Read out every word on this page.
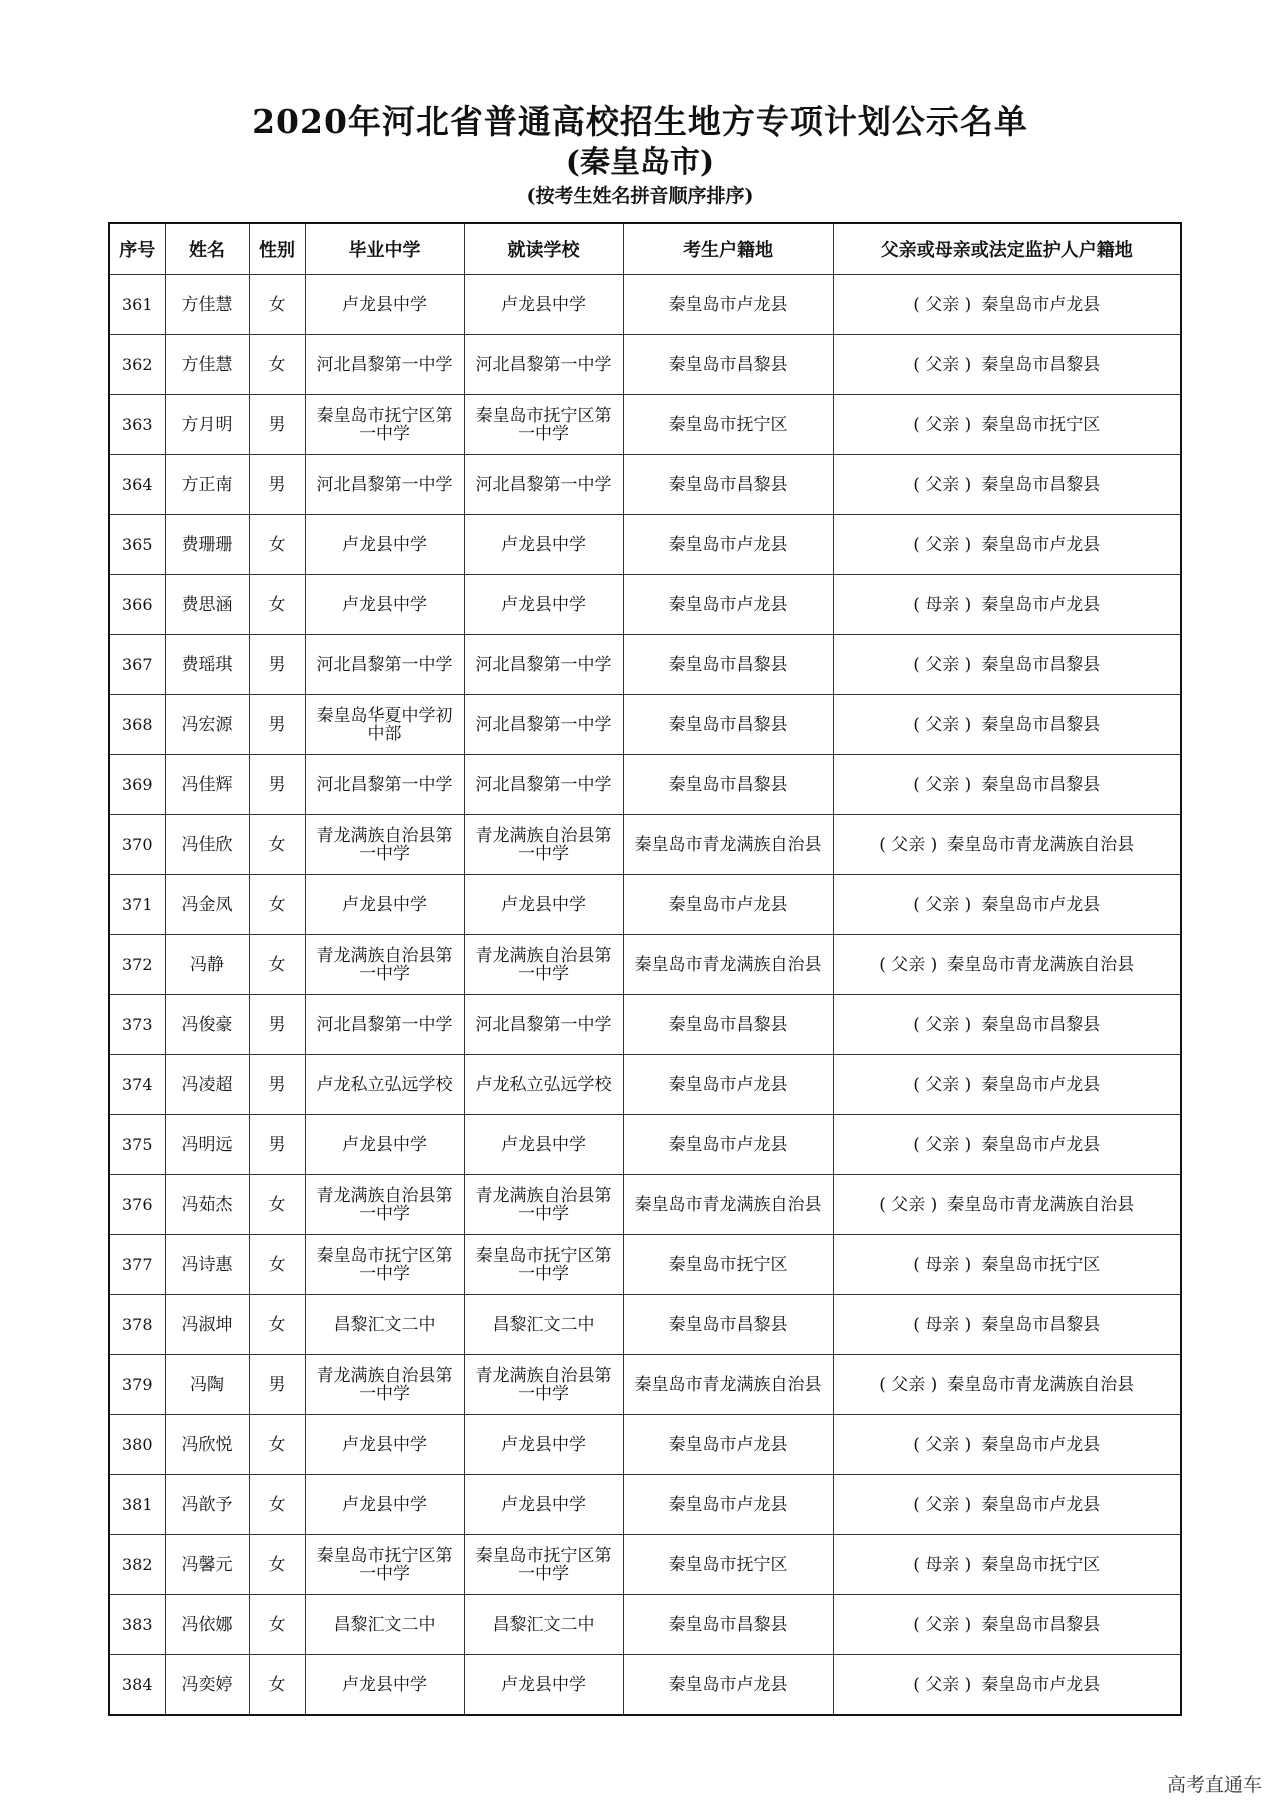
2020年河北省普通高校招生地方专项计划公示名单
(秦皇岛市)
(按考生姓名拼音顺序排序)
序号	姓名	性别	毕业中学	就读学校	考生户籍地	父亲或母亲或法定监护人户籍地
361	方佳慧	女	卢龙县中学	卢龙县中学	秦皇岛市卢龙县	( 父亲 ) 秦皇岛市卢龙县
362	方佳慧	女	河北昌黎第一中学	河北昌黎第一中学	秦皇岛市昌黎县	( 父亲 ) 秦皇岛市昌黎县
363	方月明	男	秦皇岛市抚宁区第一中学	秦皇岛市抚宁区第一中学	秦皇岛市抚宁区	( 父亲 ) 秦皇岛市抚宁区
364	方正南	男	河北昌黎第一中学	河北昌黎第一中学	秦皇岛市昌黎县	( 父亲 ) 秦皇岛市昌黎县
365	费珊珊	女	卢龙县中学	卢龙县中学	秦皇岛市卢龙县	( 父亲 ) 秦皇岛市卢龙县
366	费思涵	女	卢龙县中学	卢龙县中学	秦皇岛市卢龙县	( 母亲 ) 秦皇岛市卢龙县
367	费瑶琪	男	河北昌黎第一中学	河北昌黎第一中学	秦皇岛市昌黎县	( 父亲 ) 秦皇岛市昌黎县
368	冯宏源	男	秦皇岛华夏中学初中部	河北昌黎第一中学	秦皇岛市昌黎县	( 父亲 ) 秦皇岛市昌黎县
369	冯佳辉	男	河北昌黎第一中学	河北昌黎第一中学	秦皇岛市昌黎县	( 父亲 ) 秦皇岛市昌黎县
370	冯佳欣	女	青龙满族自治县第一中学	青龙满族自治县第一中学	秦皇岛市青龙满族自治县	( 父亲 ) 秦皇岛市青龙满族自治县
371	冯金凤	女	卢龙县中学	卢龙县中学	秦皇岛市卢龙县	( 父亲 ) 秦皇岛市卢龙县
372	冯静	女	青龙满族自治县第一中学	青龙满族自治县第一中学	秦皇岛市青龙满族自治县	( 父亲 ) 秦皇岛市青龙满族自治县
373	冯俊豪	男	河北昌黎第一中学	河北昌黎第一中学	秦皇岛市昌黎县	( 父亲 ) 秦皇岛市昌黎县
374	冯凌超	男	卢龙私立弘远学校	卢龙私立弘远学校	秦皇岛市卢龙县	( 父亲 ) 秦皇岛市卢龙县
375	冯明远	男	卢龙县中学	卢龙县中学	秦皇岛市卢龙县	( 父亲 ) 秦皇岛市卢龙县
376	冯茹杰	女	青龙满族自治县第一中学	青龙满族自治县第一中学	秦皇岛市青龙满族自治县	( 父亲 ) 秦皇岛市青龙满族自治县
377	冯诗惠	女	秦皇岛市抚宁区第一中学	秦皇岛市抚宁区第一中学	秦皇岛市抚宁区	( 母亲 ) 秦皇岛市抚宁区
378	冯淑坤	女	昌黎汇文二中	昌黎汇文二中	秦皇岛市昌黎县	( 母亲 ) 秦皇岛市昌黎县
379	冯陶	男	青龙满族自治县第一中学	青龙满族自治县第一中学	秦皇岛市青龙满族自治县	( 父亲 ) 秦皇岛市青龙满族自治县
380	冯欣悦	女	卢龙县中学	卢龙县中学	秦皇岛市卢龙县	( 父亲 ) 秦皇岛市卢龙县
381	冯歆予	女	卢龙县中学	卢龙县中学	秦皇岛市卢龙县	( 父亲 ) 秦皇岛市卢龙县
382	冯馨元	女	秦皇岛市抚宁区第一中学	秦皇岛市抚宁区第一中学	秦皇岛市抚宁区	( 母亲 ) 秦皇岛市抚宁区
383	冯依娜	女	昌黎汇文二中	昌黎汇文二中	秦皇岛市昌黎县	( 父亲 ) 秦皇岛市昌黎县
384	冯奕婷	女	卢龙县中学	卢龙县中学	秦皇岛市卢龙县	( 父亲 ) 秦皇岛市卢龙县
高考直通车
